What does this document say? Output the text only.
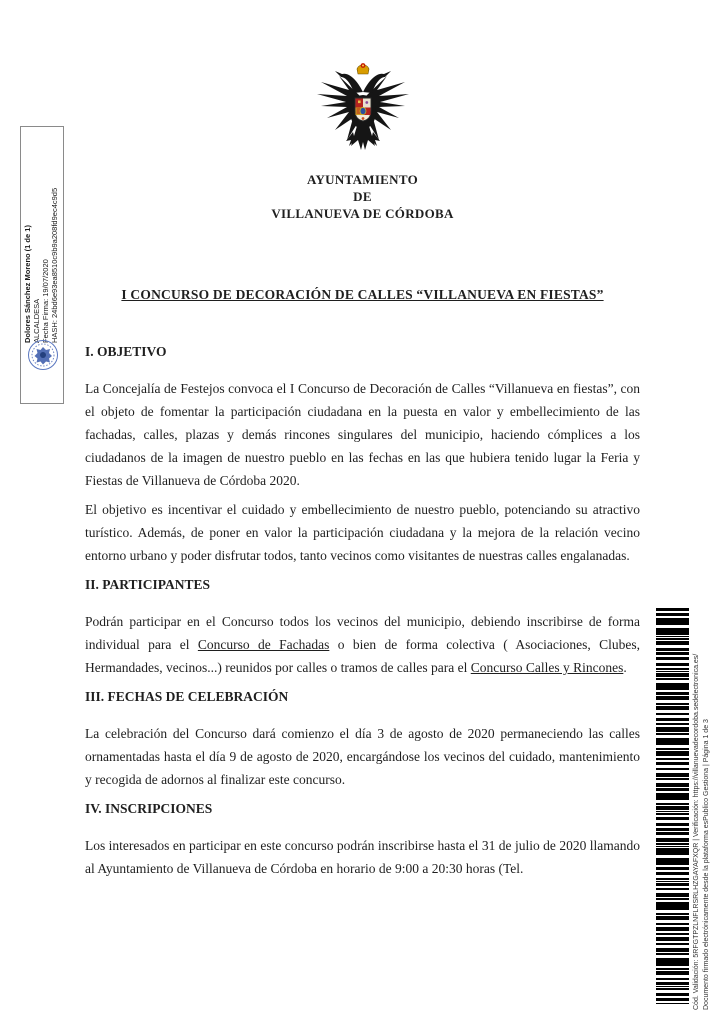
Dolores Sánchez Moreno (1 de 1) ALCALDESA Fecha Firma: 19/07/2020 HASH: 24bd6e93ea8510c9b9a208fd9ec4c9d5
AYUNTAMIENTO
DE
VILLANUEVA DE CÓRDOBA
I CONCURSO DE DECORACIÓN DE CALLES “VILLANUEVA EN FIESTAS”
I. OBJETIVO

La Concejalía de Festejos convoca el I Concurso de Decoración de Calles “Villanueva en fiestas”, con el objeto de fomentar la participación ciudadana en la puesta en valor y embellecimiento de las fachadas, calles, plazas y demás rincones singulares del municipio, haciendo cómplices a los ciudadanos de la imagen de nuestro pueblo en las fechas en las que hubiera tenido lugar la Feria y Fiestas de Villanueva de Córdoba 2020.

El objetivo es incentivar el cuidado y embellecimiento de nuestro pueblo, potenciando su atractivo turístico. Además, de poner en valor la participación ciudadana y la mejora de la relación vecino entorno urbano y poder disfrutar todos, tanto vecinos como visitantes de nuestras calles engalanadas.

II. PARTICIPANTES

Podrán participar en el Concurso todos los vecinos del municipio, debiendo inscribirse de forma individual para el Concurso de Fachadas o bien de forma colectiva ( Asociaciones, Clubes, Hermandades, vecinos...) reunidos por calles o tramos de calles para el Concurso Calles y Rincones.

III. FECHAS DE CELEBRACIÓN

La celebración del Concurso dará comienzo el día 3 de agosto de 2020 permaneciendo las calles ornamentadas hasta el día 9 de agosto de 2020, encargándose los vecinos del cuidado, mantenimiento y recogida de adornos al finalizar este concurso.

IV. INSCRIPCIONES

Los interesados en participar en este concurso podrán inscribirse hasta el 31 de julio de 2020 llamando al Ayuntamiento de Villanueva de Córdoba en horario de 9:00 a 20:30 horas (Tel.	Cód. Validación: 5RFGTPZLNFLRSRLHZGAYAFXQR | Verificación: https://villanuevadecordoba.sedelectronica.es/ Documento firmado electrónicamente desde la plataforma esPublico Gestiona | Página 1 de 3
